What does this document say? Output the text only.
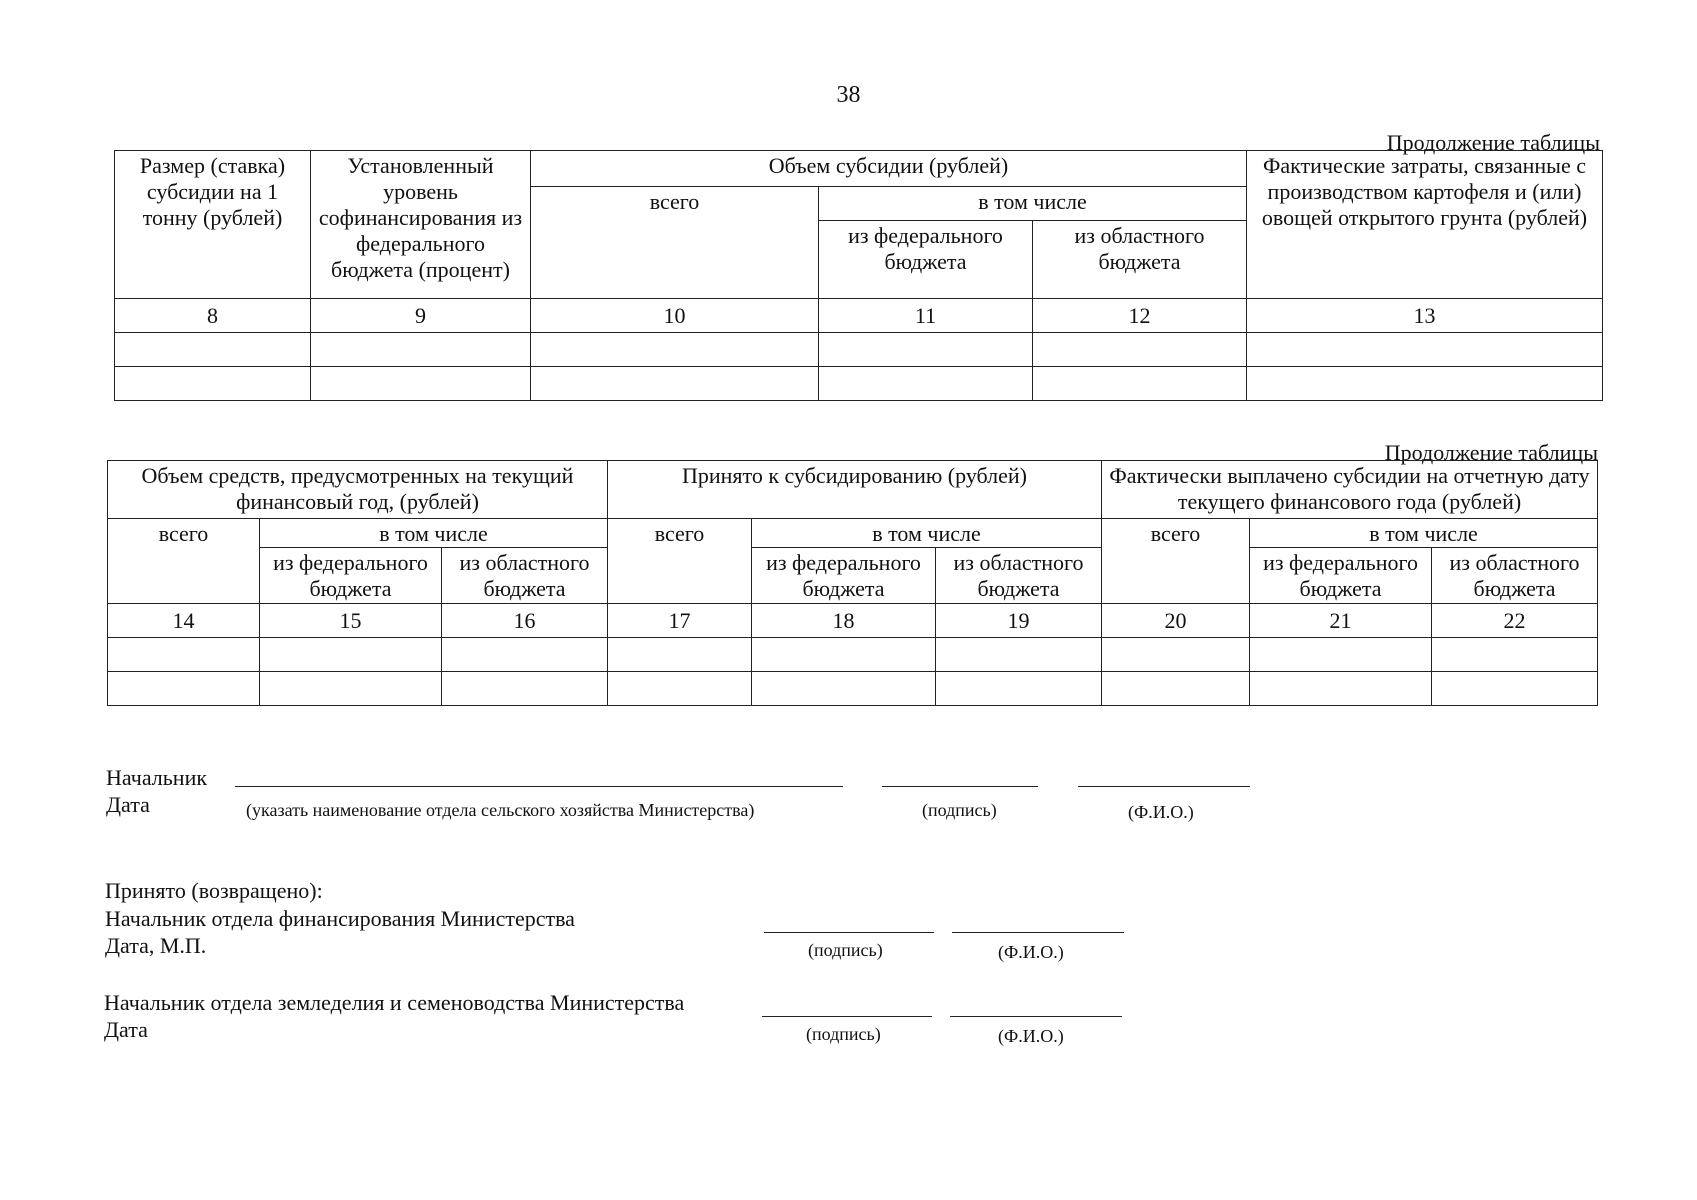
38
Продолжение таблицы
Размер (ставка) субсидии на 1 тонну (рублей)	Установленный уровень софинансирования из федерального бюджета (процент)	Объем субсидии (рублей)			Фактические затраты, связанные с производством картофеля и (или) овощей открытого грунта (рублей)
		всего	в том числе		
			из федерального бюджета	из областного бюджета	
8	9	10	11	12	13

Продолжение таблицы
Объем средств, предусмотренных на текущий финансовый год, (рублей)			Принято к субсидированию (рублей)			Фактически выплачено субсидии на отчетную дату текущего финансового года (рублей)		
всего	в том числе		всего	в том числе		всего	в том числе	
	из федерального бюджета	из областного бюджета		из федерального бюджета	из областного бюджета		из федерального бюджета	из областного бюджета
14	15	16	17	18	19	20	21	22

Начальник
Дата	(указать наименование отдела сельского хозяйства Министерства)	(подпись)	(Ф.И.О.)
Принято (возвращено):
Начальник отдела финансирования Министерства
Дата, М.П.	(подпись)	(Ф.И.О.)
Начальник отдела земледелия и семеноводства Министерства
Дата	(подпись)	(Ф.И.О.)
